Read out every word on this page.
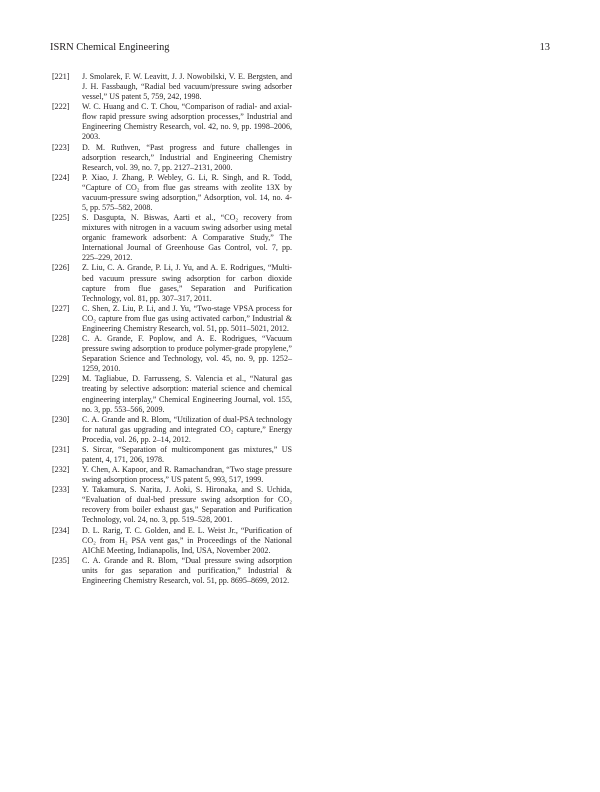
ISRN Chemical Engineering	13
[221] J. Smolarek, F. W. Leavitt, J. J. Nowobilski, V. E. Bergsten, and J. H. Fassbaugh, “Radial bed vacuum/pressure swing adsorber vessel,” US patent 5, 759, 242, 1998.
[222] W. C. Huang and C. T. Chou, “Comparison of radial- and axial-flow rapid pressure swing adsorption processes,” Industrial and Engineering Chemistry Research, vol. 42, no. 9, pp. 1998–2006, 2003.
[223] D. M. Ruthven, “Past progress and future challenges in adsorption research,” Industrial and Engineering Chemistry Research, vol. 39, no. 7, pp. 2127–2131, 2000.
[224] P. Xiao, J. Zhang, P. Webley, G. Li, R. Singh, and R. Todd, “Capture of CO₂ from flue gas streams with zeolite 13X by vacuum-pressure swing adsorption,” Adsorption, vol. 14, no. 4-5, pp. 575–582, 2008.
[225] S. Dasgupta, N. Biswas, Aarti et al., “CO₂ recovery from mixtures with nitrogen in a vacuum swing adsorber using metal organic framework adsorbent: A Comparative Study,” The International Journal of Greenhouse Gas Control, vol. 7, pp. 225–229, 2012.
[226] Z. Liu, C. A. Grande, P. Li, J. Yu, and A. E. Rodrigues, “Multi-bed vacuum pressure swing adsorption for carbon dioxide capture from flue gases,” Separation and Purification Technology, vol. 81, pp. 307–317, 2011.
[227] C. Shen, Z. Liu, P. Li, and J. Yu, “Two-stage VPSA process for CO₂ capture from flue gas using activated carbon,” Industrial & Engineering Chemistry Research, vol. 51, pp. 5011–5021, 2012.
[228] C. A. Grande, F. Poplow, and A. E. Rodrigues, “Vacuum pressure swing adsorption to produce polymer-grade propylene,” Separation Science and Technology, vol. 45, no. 9, pp. 1252–1259, 2010.
[229] M. Tagliabue, D. Farrusseng, S. Valencia et al., “Natural gas treating by selective adsorption: material science and chemical engineering interplay,” Chemical Engineering Journal, vol. 155, no. 3, pp. 553–566, 2009.
[230] C. A. Grande and R. Blom, “Utilization of dual-PSA technology for natural gas upgrading and integrated CO₂ capture,” Energy Procedia, vol. 26, pp. 2–14, 2012.
[231] S. Sircar, “Separation of multicomponent gas mixtures,” US patent, 4, 171, 206, 1978.
[232] Y. Chen, A. Kapoor, and R. Ramachandran, “Two stage pressure swing adsorption process,” US patent 5, 993, 517, 1999.
[233] Y. Takamura, S. Narita, J. Aoki, S. Hironaka, and S. Uchida, “Evaluation of dual-bed pressure swing adsorption for CO₂ recovery from boiler exhaust gas,” Separation and Purification Technology, vol. 24, no. 3, pp. 519–528, 2001.
[234] D. L. Rarig, T. C. Golden, and E. L. Weist Jr., “Purification of CO₂ from H₂ PSA vent gas,” in Proceedings of the National AIChE Meeting, Indianapolis, Ind, USA, November 2002.
[235] C. A. Grande and R. Blom, “Dual pressure swing adsorption units for gas separation and purification,” Industrial & Engineering Chemistry Research, vol. 51, pp. 8695–8699, 2012.
